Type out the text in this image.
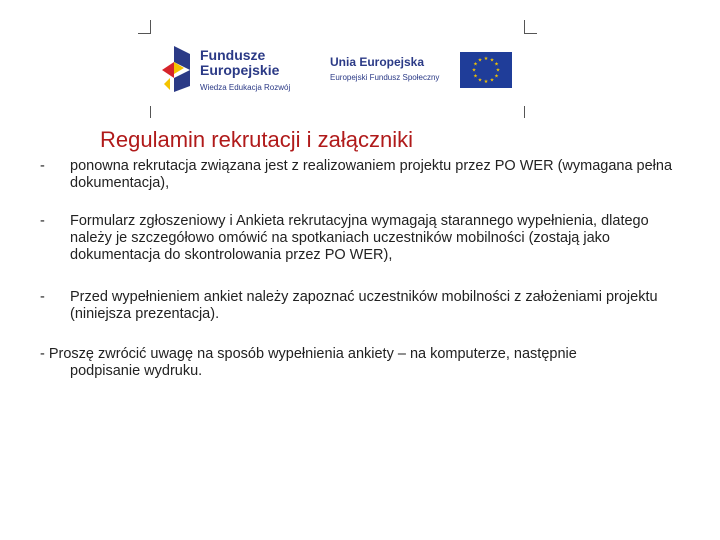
Fundusze
Europejskie
Wiedza Edukacja Rozwój
Unia Europejska
Europejski Fundusz Społeczny
★ ★
★
★
★
★
★
★
★
★
★
★
Regulamin rekrutacji i załączniki
- ponowna rekrutacja związana jest z realizowaniem projektu przez PO WER (wymagana pełna dokumentacja),
- Formularz zgłoszeniowy i Ankieta rekrutacyjna wymagają starannego wypełnienia, dlatego należy je szczegółowo omówić na spotkaniach uczestników mobilności (zostają jako dokumentacja do skontrolowania przez PO WER),
- Przed wypełnieniem ankiet należy zapoznać uczestników mobilności z założeniami projektu (niniejsza prezentacja).
- Proszę zwrócić uwagę na sposób wypełnienia ankiety – na komputerze, następnie
podpisanie wydruku.
